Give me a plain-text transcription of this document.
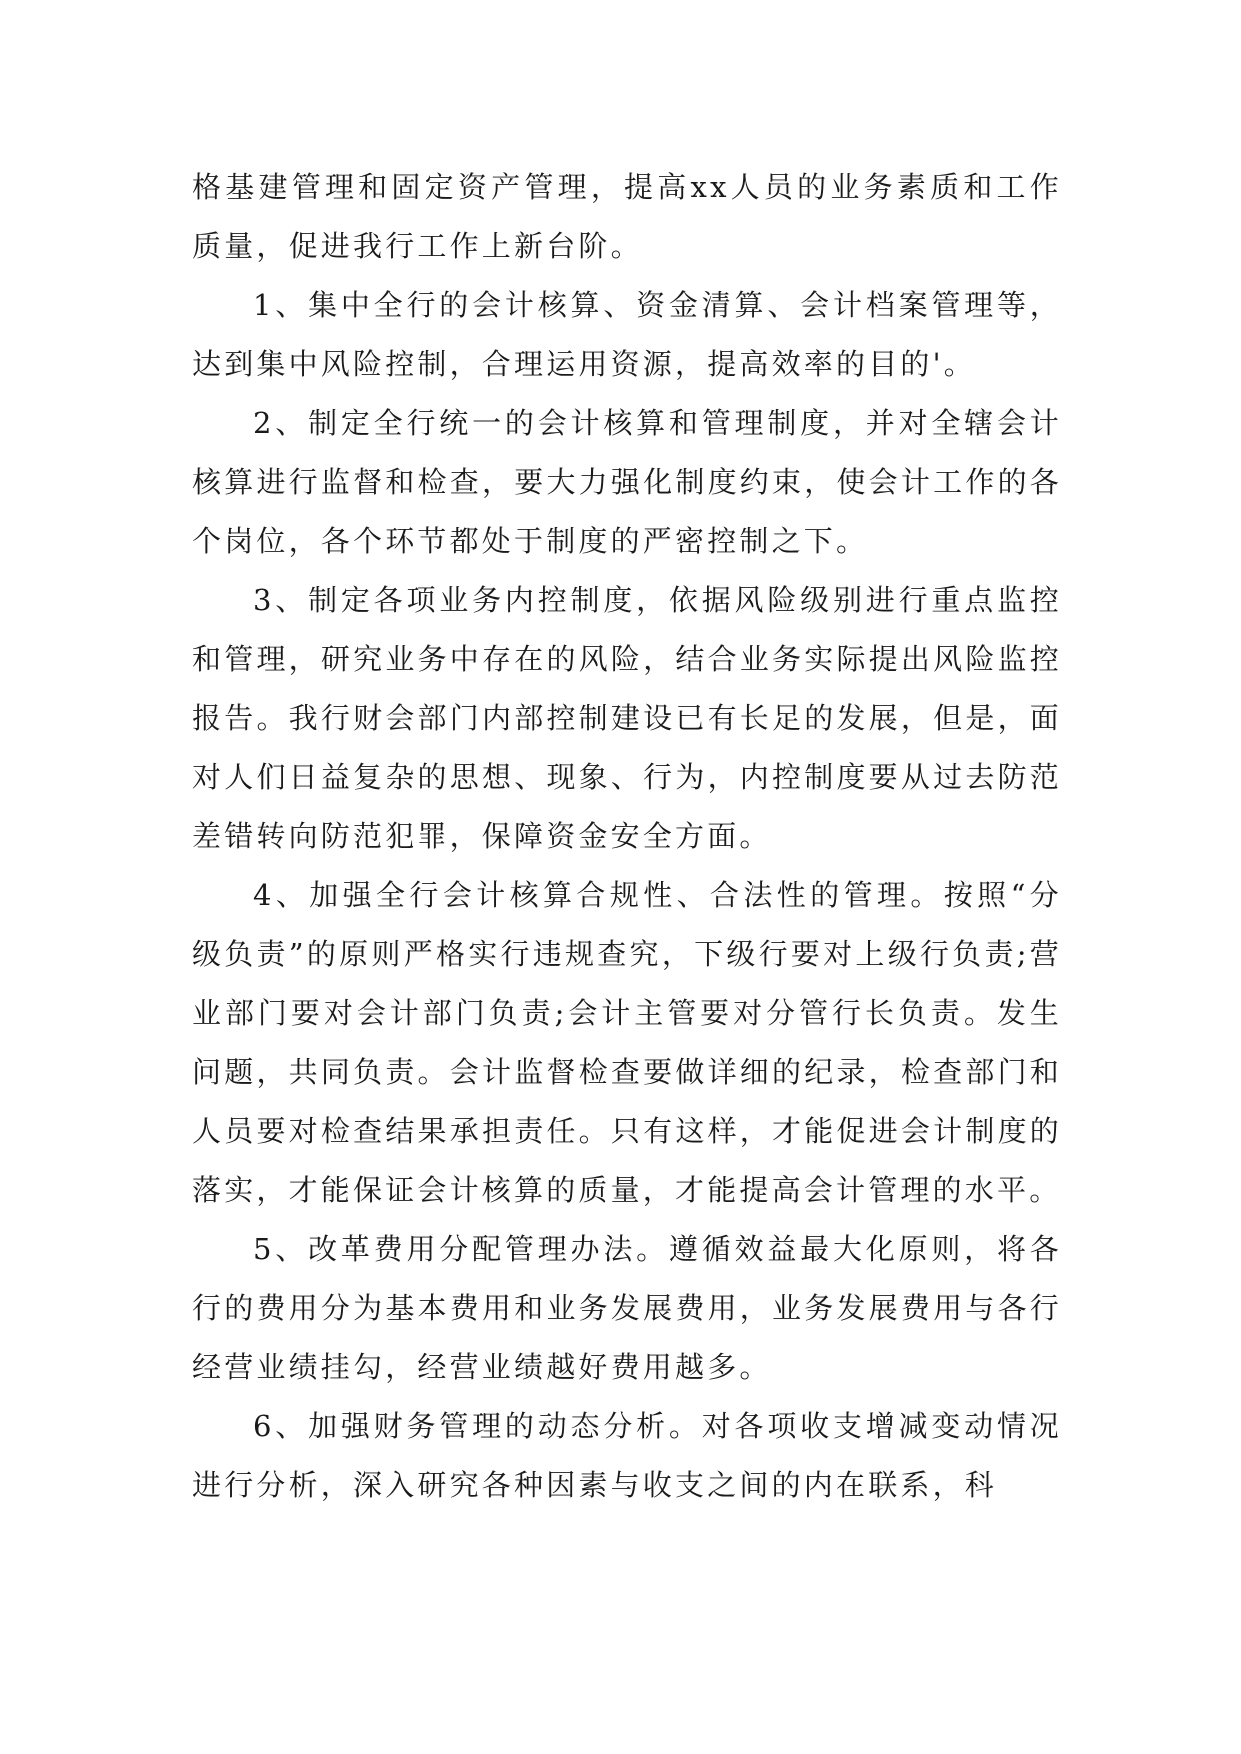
格基建管理和固定资产管理，提高xx人员的业务素质和工作质量，促进我行工作上新台阶。

1、集中全行的会计核算、资金清算、会计档案管理等，达到集中风险控制，合理运用资源，提高效率的目的'。

2、制定全行统一的会计核算和管理制度，并对全辖会计核算进行监督和检查，要大力强化制度约束，使会计工作的各个岗位，各个环节都处于制度的严密控制之下。

3、制定各项业务内控制度，依据风险级别进行重点监控和管理，研究业务中存在的风险，结合业务实际提出风险监控报告。我行财会部门内部控制建设已有长足的发展，但是，面对人们日益复杂的思想、现象、行为，内控制度要从过去防范差错转向防范犯罪，保障资金安全方面。

4、加强全行会计核算合规性、合法性的管理。按照“分级负责”的原则严格实行违规查究，下级行要对上级行负责;营业部门要对会计部门负责;会计主管要对分管行长负责。发生问题，共同负责。会计监督检查要做详细的纪录，检查部门和人员要对检查结果承担责任。只有这样，才能促进会计制度的落实，才能保证会计核算的质量，才能提高会计管理的水平。

5、改革费用分配管理办法。遵循效益最大化原则，将各行的费用分为基本费用和业务发展费用，业务发展费用与各行经营业绩挂勾，经营业绩越好费用越多。

6、加强财务管理的动态分析。对各项收支增减变动情况进行分析，深入研究各种因素与收支之间的内在联系，科
